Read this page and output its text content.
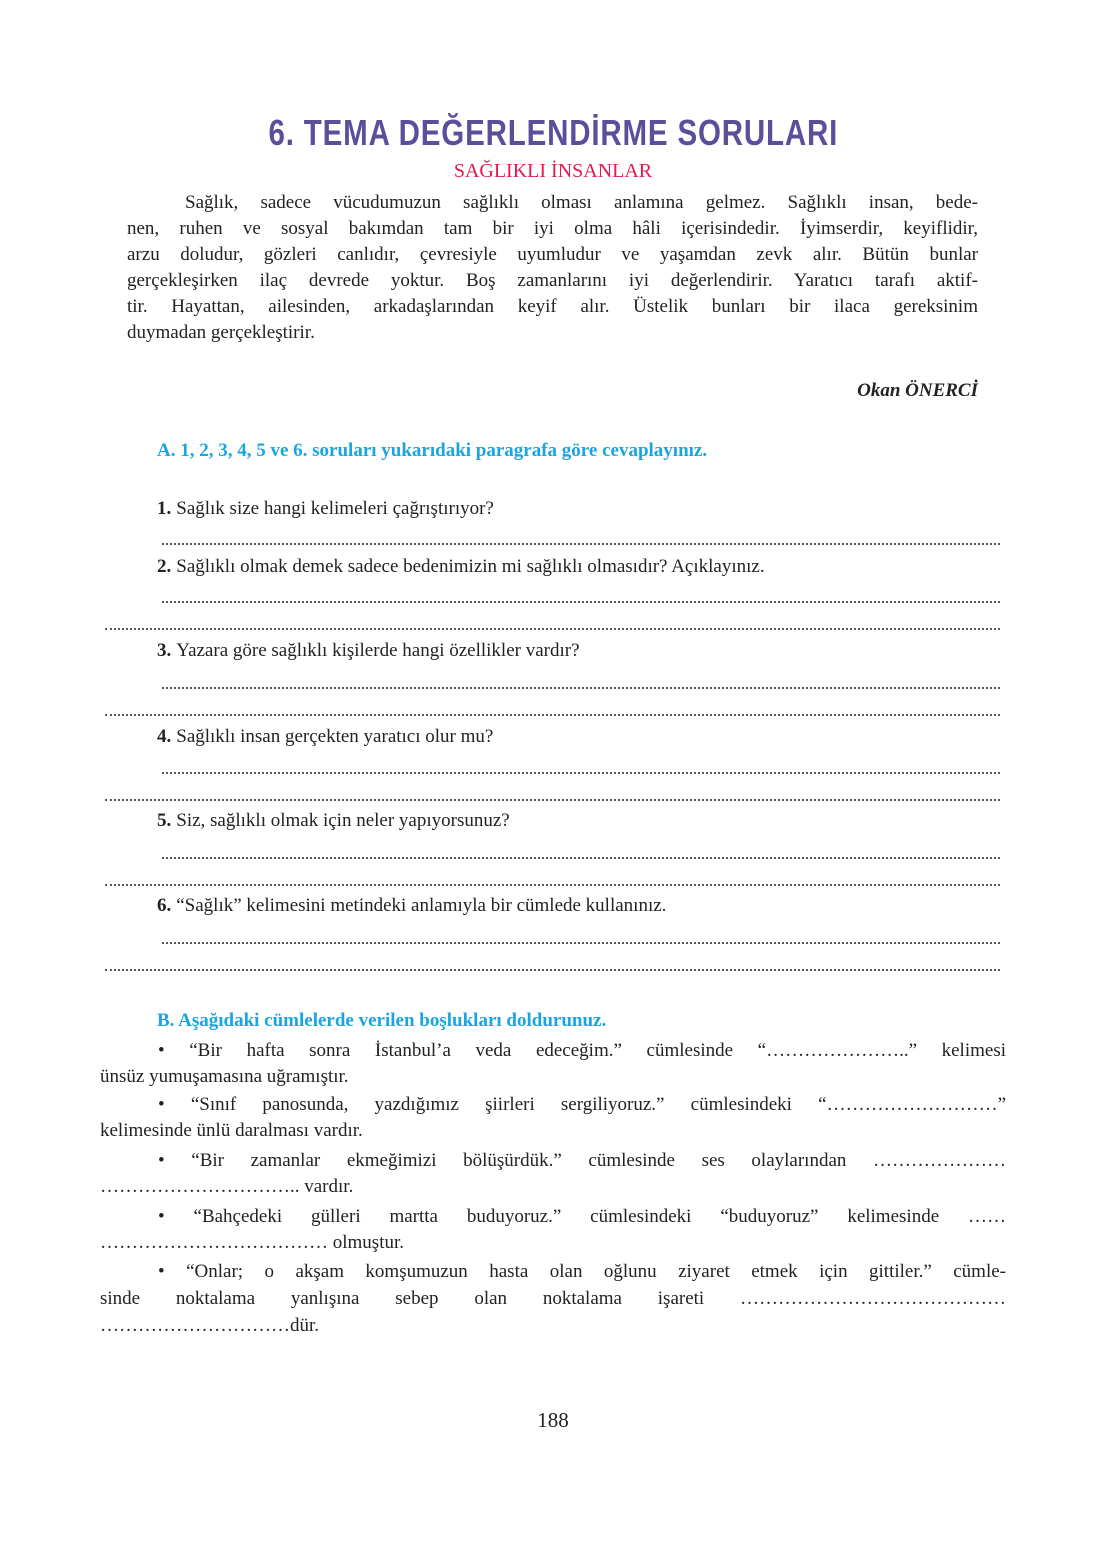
6. TEMA DEĞERLENDİRME SORULARI
SAĞLIKLI İNSANLAR
Sağlık, sadece vücudumuzun sağlıklı olması anlamına gelmez. Sağlıklı insan, bede-
nen, ruhen ve sosyal bakımdan tam bir iyi olma hâli içerisindedir. İyimserdir, keyiflidir,
arzu doludur, gözleri canlıdır, çevresiyle uyumludur ve yaşamdan zevk alır. Bütün bunlar
gerçekleşirken ilaç devrede yoktur. Boş zamanlarını iyi değerlendirir. Yaratıcı tarafı aktif-
tir. Hayattan, ailesinden, arkadaşlarından keyif alır. Üstelik bunları bir ilaca gereksinim
duymadan gerçekleştirir.
Okan ÖNERCİ
A. 1, 2, 3, 4, 5 ve 6. soruları yukarıdaki paragrafa göre cevaplayınız.
1. Sağlık size hangi kelimeleri çağrıştırıyor?
2. Sağlıklı olmak demek sadece bedenimizin mi sağlıklı olmasıdır? Açıklayınız.
3. Yazara göre sağlıklı kişilerde hangi özellikler vardır?
4. Sağlıklı insan gerçekten yaratıcı olur mu?
5. Siz, sağlıklı olmak için neler yapıyorsunuz?
6. “Sağlık” kelimesini metindeki anlamıyla bir cümlede kullanınız.
B. Aşağıdaki cümlelerde verilen boşlukları doldurunuz.
• “Bir hafta sonra İstanbul’a veda edeceğim.” cümlesinde “…………………..” kelimesi
ünsüz yumuşamasına uğramıştır.
• “Sınıf panosunda, yazdığımız şiirleri sergiliyoruz.” cümlesindeki “………………………”
kelimesinde ünlü daralması vardır.
• “Bir zamanlar ekmeğimizi bölüşürdük.” cümlesinde ses olaylarından …………………
………………………….. vardır.
• “Bahçedeki gülleri martta buduyoruz.” cümlesindeki “buduyoruz” kelimesinde ……
……………………………… olmuştur.
• “Onlar; o akşam komşumuzun hasta olan oğlunu ziyaret etmek için gittiler.” cümle-
sinde noktalama yanlışına sebep olan noktalama işareti ……………………………………
…………………………dür.
188
